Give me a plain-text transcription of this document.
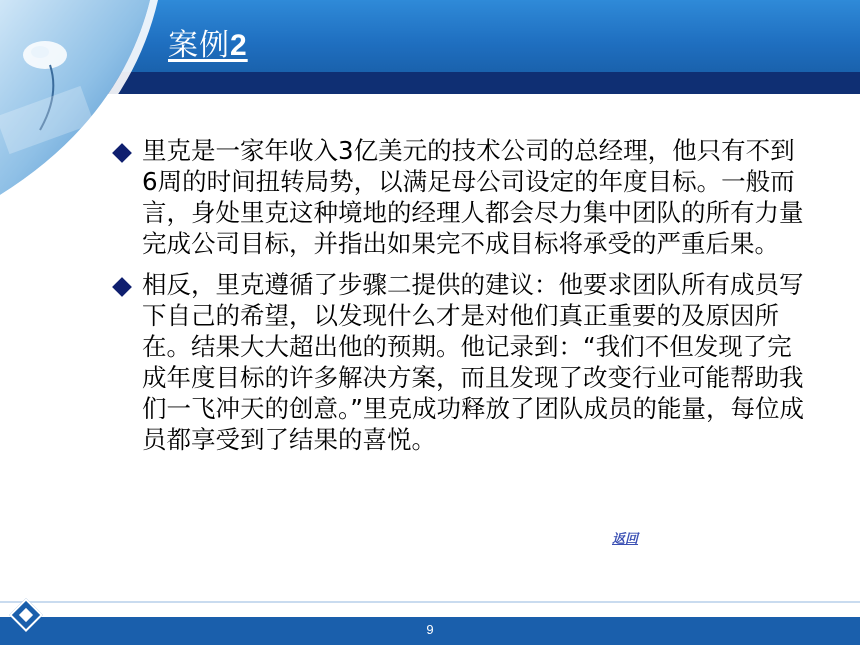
案例2
里克是一家年收入3亿美元的技术公司的总经理，他只有不到6周的时间扭转局势，以满足母公司设定的年度目标。一般而言，身处里克这种境地的经理人都会尽力集中团队的所有力量完成公司目标，并指出如果完不成目标将承受的严重后果。
相反，里克遵循了步骤二提供的建议：他要求团队所有成员写下自己的希望，以发现什么才是对他们真正重要的及原因所在。结果大大超出他的预期。他记录到：“我们不但发现了完成年度目标的许多解决方案，而且发现了改变行业可能帮助我们一飞冲天的创意。”里克成功释放了团队成员的能量，每位成员都享受到了结果的喜悦。
返回
9
